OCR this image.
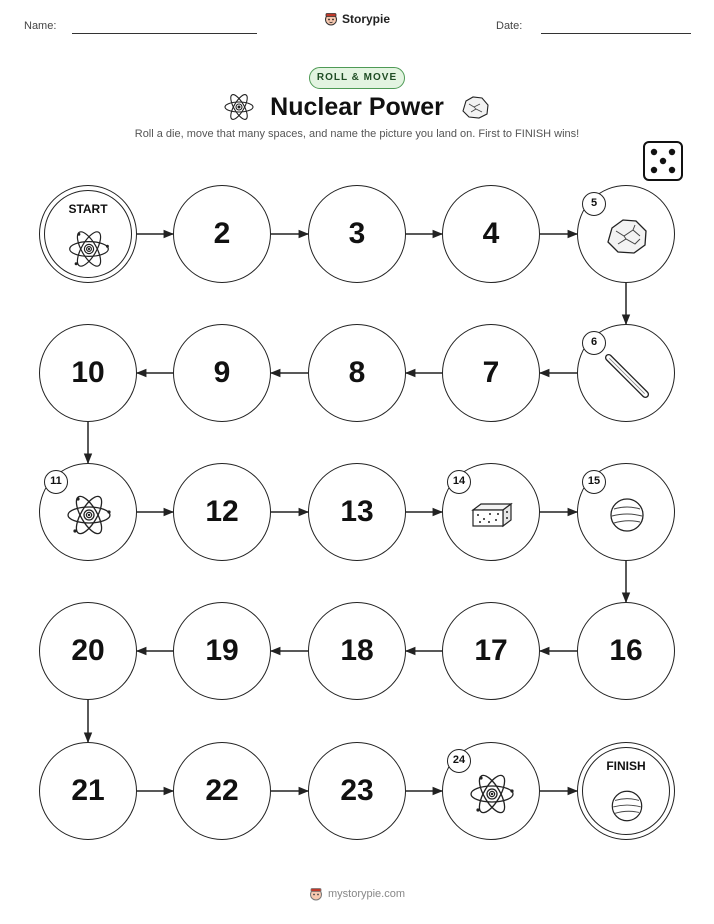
Name:	Storypie	Date:
ROLL & MOVE
Nuclear Power
Roll a die, move that many spaces, and name the picture you land on. First to FINISH wins!
START
2	3	4
5
6
7
8
9
10
11
12	13
14	15
16
17
18
19
20
21	22	23
24	FINISH
mystorypie.com
